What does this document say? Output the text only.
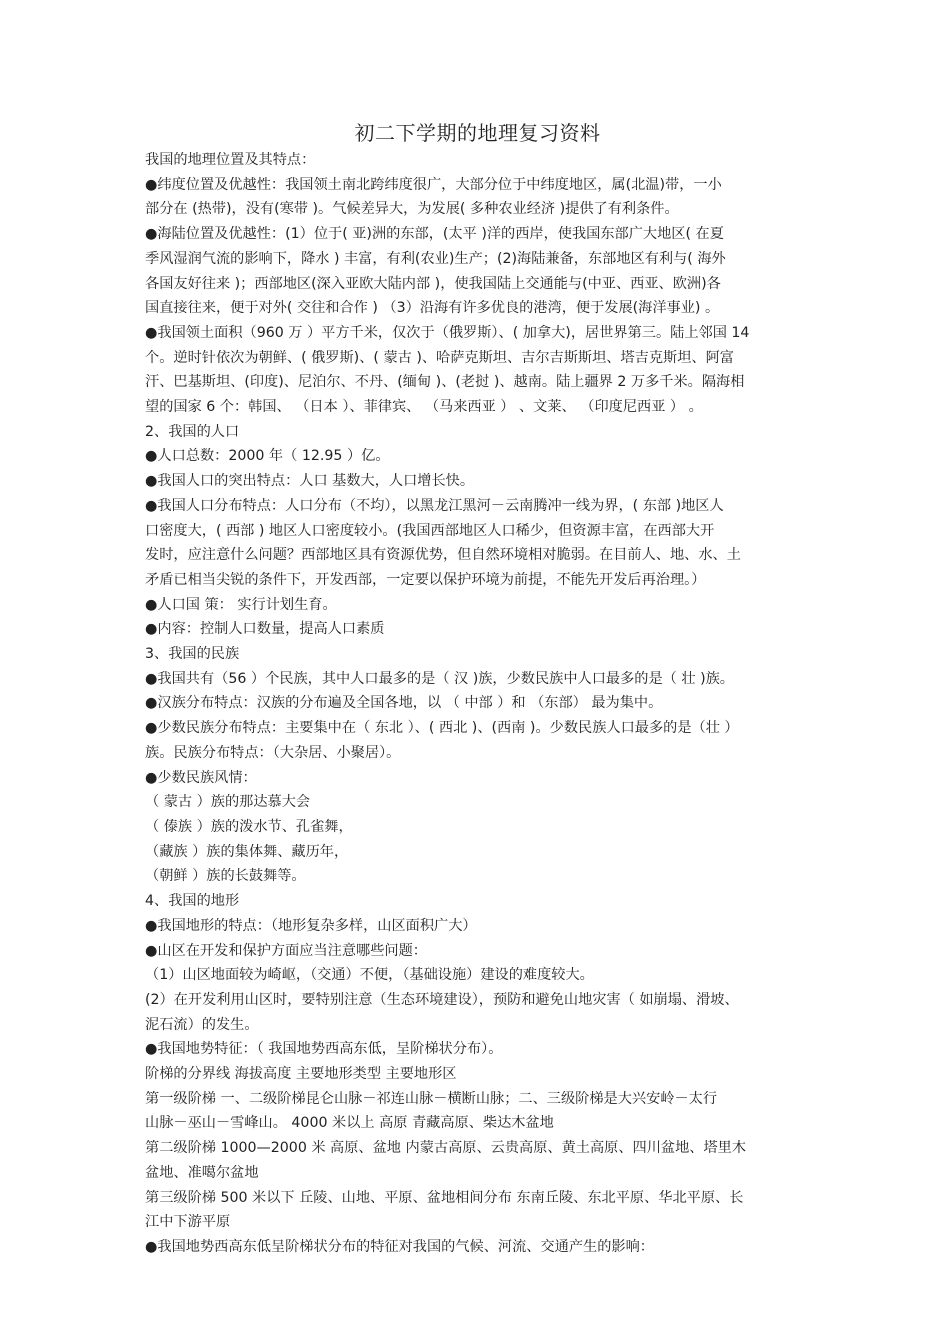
初二下学期的地理复习资料
我国的地理位置及其特点：
●纬度位置及优越性：我国领土南北跨纬度很广，大部分位于中纬度地区，属(北温)带，一小
部分在 (热带)，没有(寒带 )。气候差异大，为发展( 多种农业经济 )提供了有利条件。
●海陆位置及优越性：(1）位于( 亚)洲的东部，(太平 )洋的西岸，使我国东部广大地区( 在夏
季风湿润气流的影响下，降水 ) 丰富，有利(农业)生产；(2)海陆兼备，东部地区有利与( 海外
各国友好往来 )；西部地区(深入亚欧大陆内部 )，使我国陆上交通能与(中亚、西亚、欧洲)各
国直接往来，便于对外( 交往和合作 ) （3）沿海有许多优良的港湾，便于发展(海洋事业) 。
●我国领土面积（960 万 ）平方千米，仅次于（俄罗斯）、( 加拿大)，居世界第三。陆上邻国 14
个。逆时针依次为朝鲜、( 俄罗斯)、( 蒙古 )、哈萨克斯坦、吉尔吉斯斯坦、塔吉克斯坦、阿富
汗、巴基斯坦、(印度)、尼泊尔、不丹、(缅甸 )、(老挝 )、越南。陆上疆界 2 万多千米。隔海相
望的国家 6 个：韩国、 （日本 ）、菲律宾、 （马来西亚 ） 、文莱、 （印度尼西亚 ） 。
2、我国的人口
●人口总数：2000 年（ 12.95 ）亿。
●我国人口的突出特点：人口 基数大，人口增长快。
●我国人口分布特点：人口分布（不均），以黑龙江黑河－云南腾冲一线为界，( 东部 )地区人
口密度大，( 西部 ) 地区人口密度较小。(我国西部地区人口稀少，但资源丰富，在西部大开
发时，应注意什么问题？西部地区具有资源优势，但自然环境相对脆弱。在目前人、地、水、土
矛盾已相当尖锐的条件下，开发西部，一定要以保护环境为前提，不能先开发后再治理。）
●人口国 策： 实行计划生育。
●内容：控制人口数量，提高人口素质
3、我国的民族
●我国共有（56 ）个民族，其中人口最多的是（ 汉 )族，少数民族中人口最多的是（ 壮 )族。
●汉族分布特点：汉族的分布遍及全国各地，以 （ 中部 ）和 （东部） 最为集中。
●少数民族分布特点：主要集中在（ 东北 ）、( 西北 )、(西南 )。少数民族人口最多的是（壮 ）
族。民族分布特点：（大杂居、小聚居）。
●少数民族风情：
（ 蒙古 ）族的那达慕大会
（ 傣族 ）族的泼水节、孔雀舞，
（藏族 ）族的集体舞、藏历年，
（朝鲜 ）族的长鼓舞等。
4、我国的地形
●我国地形的特点：（地形复杂多样，山区面积广大）
●山区在开发和保护方面应当注意哪些问题：
（1）山区地面较为崎岖，（交通）不便，（基础设施）建设的难度较大。
(2）在开发利用山区时，要特别注意（生态环境建设），预防和避免山地灾害（ 如崩塌、滑坡、
泥石流）的发生。
●我国地势特征：（ 我国地势西高东低，呈阶梯状分布）。
阶梯的分界线 海拔高度 主要地形类型 主要地形区
第一级阶梯 一、二级阶梯昆仑山脉－祁连山脉－横断山脉；二、三级阶梯是大兴安岭－太行
山脉－巫山－雪峰山。 4000 米以上 高原 青藏高原、柴达木盆地
第二级阶梯 1000—2000 米 高原、盆地 内蒙古高原、云贵高原、黄土高原、四川盆地、塔里木
盆地、准噶尔盆地
第三级阶梯 500 米以下 丘陵、山地、平原、盆地相间分布 东南丘陵、东北平原、华北平原、长
江中下游平原
●我国地势西高东低呈阶梯状分布的特征对我国的气候、河流、交通产生的影响：
